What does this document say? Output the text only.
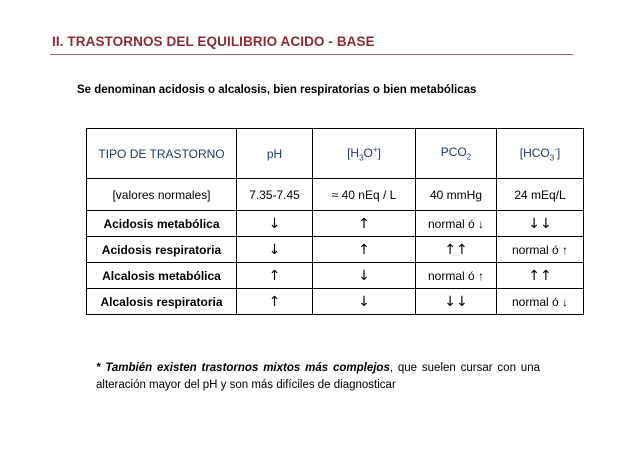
II. TRASTORNOS DEL EQUILIBRIO ACIDO - BASE
Se denominan acidosis o alcalosis, bien respiratorias o bien metabólicas
TIPO DE TRASTORNO	pH	$[H_3O^+]$	$PCO_2$	$[HCO_3^-]$
[valores normales]	7.35-7.45	≈ 40 nEq / L	40 mmHg	24 mEq/L
Acidosis metabólica	↓	↑	normal ó ↓	↓↓
Acidosis respiratoria	↓	↑	↑↑	normal ó ↑
Alcalosis metabólica	↑	↓	normal ó ↑	↑↑
Alcalosis respiratoria	↑	↓	↓↓	normal ó ↓
* También existen trastornos mixtos más complejos, que suelen cursar con una alteración mayor del pH y son más difíciles de diagnosticar
